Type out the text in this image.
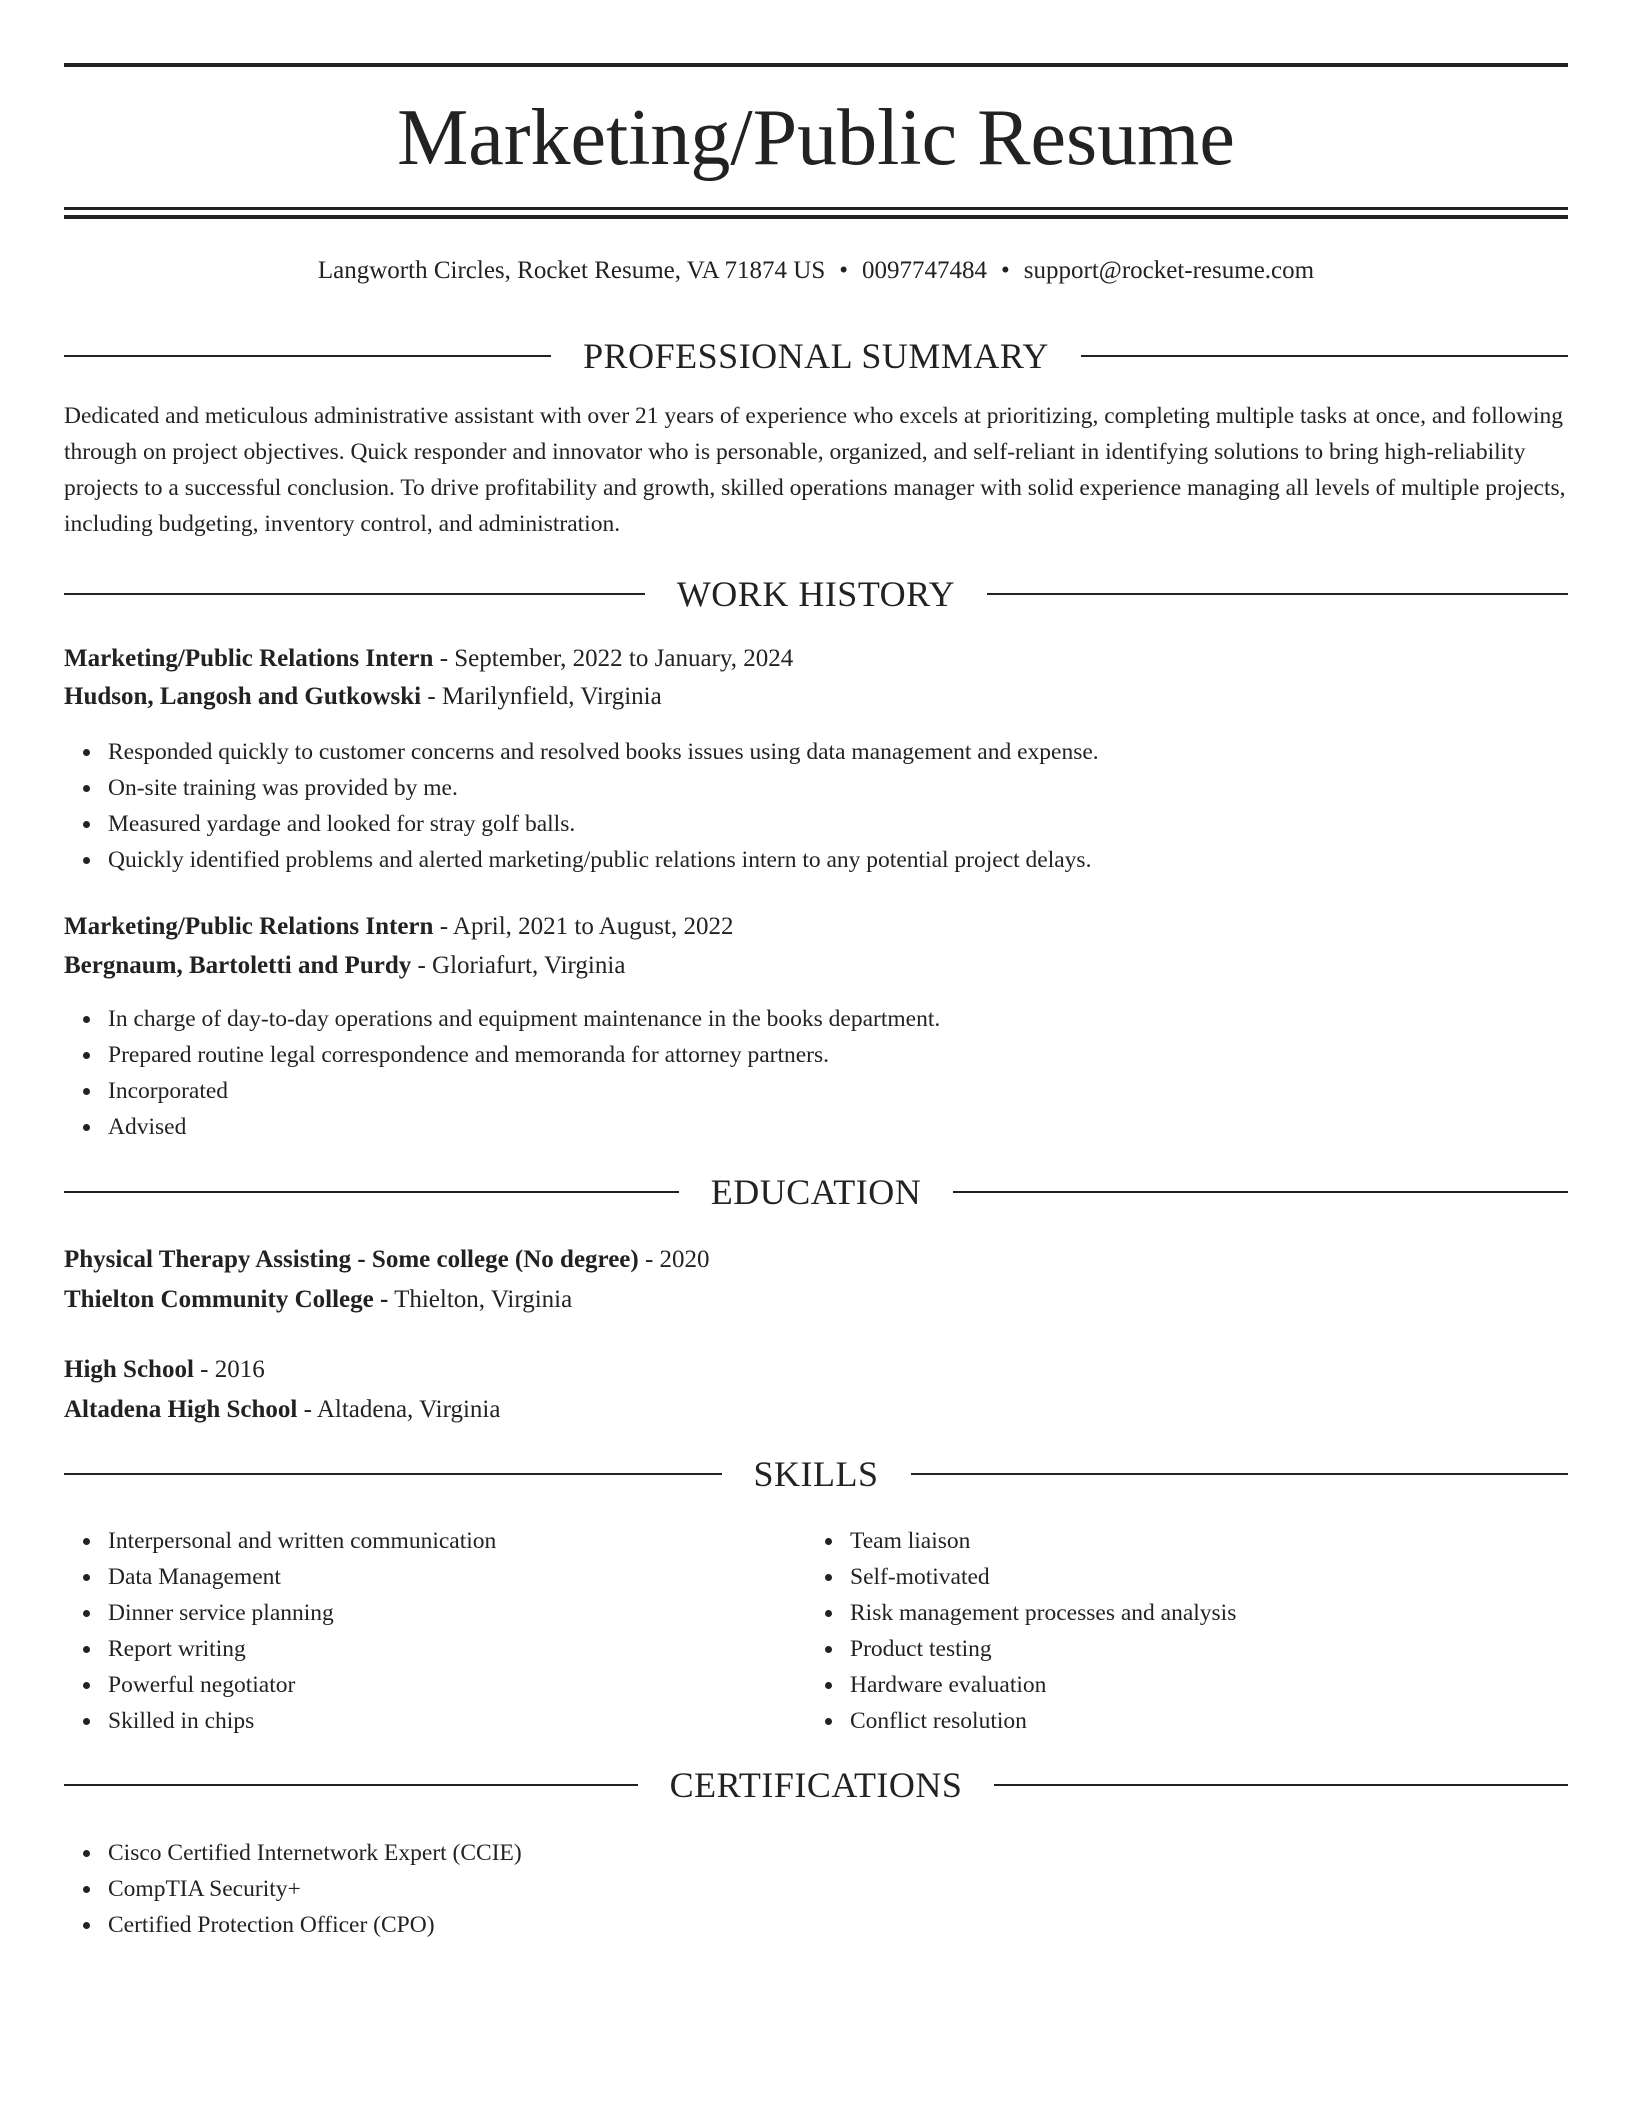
Marketing/Public Resume
Langworth Circles, Rocket Resume, VA 71874 US • 0097747484 • support@rocket-resume.com
PROFESSIONAL SUMMARY

Dedicated and meticulous administrative assistant with over 21 years of experience who excels at prioritizing, completing multiple tasks at once, and following through on project objectives. Quick responder and innovator who is personable, organized, and self-reliant in identifying solutions to bring high-reliability projects to a successful conclusion. To drive profitability and growth, skilled operations manager with solid experience managing all levels of multiple projects, including budgeting, inventory control, and administration.

WORK HISTORY
Marketing/Public Relations Intern - September, 2022 to January, 2024
Hudson, Langosh and Gutkowski - Marilynfield, Virginia
Responded quickly to customer concerns and resolved books issues using data management and expense.
On-site training was provided by me.
Measured yardage and looked for stray golf balls.
Quickly identified problems and alerted marketing/public relations intern to any potential project delays.
Marketing/Public Relations Intern - April, 2021 to August, 2022
Bergnaum, Bartoletti and Purdy - Gloriafurt, Virginia
In charge of day-to-day operations and equipment maintenance in the books department.
Prepared routine legal correspondence and memoranda for attorney partners.
Incorporated
Advised
EDUCATION
Physical Therapy Assisting - Some college (No degree) - 2020
Thielton Community College - Thielton, Virginia
High School - 2016
Altadena High School - Altadena, Virginia
SKILLS
Interpersonal and written communication
Data Management
Dinner service planning
Report writing
Powerful negotiator
Skilled in chips
Team liaison
Self-motivated
Risk management processes and analysis
Product testing
Hardware evaluation
Conflict resolution
CERTIFICATIONS
Cisco Certified Internetwork Expert (CCIE)
CompTIA Security+
Certified Protection Officer (CPO)
